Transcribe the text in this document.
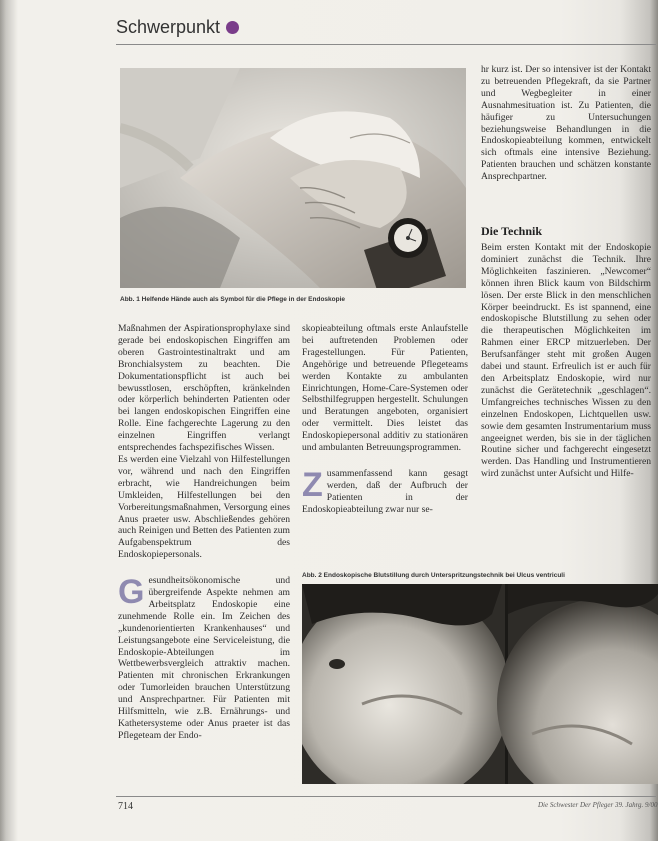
Schwerpunkt
Abb. 1 Helfende Hände auch als Symbol für die Pflege in der Endoskopie

Maßnahmen der Aspirationsprophylaxe sind gerade bei endoskopischen Eingriffen am oberen Gastrointestinaltrakt und am Bronchialsystem zu beachten. Die Dokumentationspflicht ist auch bei bewusstlosen, erschöpften, kränkelnden oder körperlich behinderten Patienten oder bei langen endoskopischen Eingriffen eine Rolle. Eine fachgerechte Lagerung zu den einzelnen Eingriffen verlangt entsprechendes fachspezifisches Wissen.

Es werden eine Vielzahl von Hilfestellungen vor, während und nach den Eingriffen erbracht, wie Handreichungen beim Umkleiden, Hilfestellungen bei den Vorbereitungsmaßnahmen, Versorgung eines Anus praeter usw. Abschließendes gehören auch Reinigen und Betten des Patienten zum Aufgabenspektrum des Endoskopiepersonals.

G esundheitsökonomische und übergreifende Aspekte nehmen am Arbeitsplatz Endoskopie eine zunehmende Rolle ein. Im Zeichen des „kundenorientierten Krankenhauses“ und Leistungsangebote eine Serviceleistung, die Endoskopie-Abteilungen im Wettbewerbsvergleich attraktiv machen. Patienten mit chronischen Erkrankungen oder Tumorleiden brauchen Unterstützung und Ansprechpartner. Für Patienten mit Hilfsmitteln, wie z.B. Ernährungs- und Kathetersysteme oder Anus praeter ist das Pflegeteam der Endo-

skopieabteilung oftmals erste Anlaufstelle bei auftretenden Problemen oder Fragestellungen. Für Patienten, Angehörige und betreuende Pflegeteams werden Kontakte zu ambulanten Einrichtungen, Home-Care-Systemen oder Selbsthilfegruppen hergestellt. Schulungen und Beratungen angeboten, organisiert oder vermittelt. Dies leistet das Endoskopiepersonal additiv zu stationären und ambulanten Betreuungsprogrammen.

Z usammenfassend kann gesagt werden, daß der Aufbruch der Patienten in der Endoskopieabteilung zwar nur se-

hr kurz ist. Der so intensiver ist der Kontakt zu betreuenden Pflegekraft, da sie Partner und Wegbegleiter in einer Ausnahmesituation ist. Zu Patienten, die häufiger zu Untersuchungen beziehungsweise Behandlungen in die Endoskopieabteilung kommen, entwickelt sich oftmals eine intensive Beziehung. Patienten brauchen und schätzen konstante Ansprechpartner.

Die Technik

Beim ersten Kontakt mit der Endoskopie dominiert zunächst die Technik. Ihre Möglichkeiten faszinieren. „Newcomer“ können ihren Blick kaum von Bildschirm lösen. Der erste Blick in den menschlichen Körper beeindruckt. Es ist spannend, eine endoskopische Blutstillung zu sehen oder die therapeutischen Möglichkeiten im Rahmen einer ERCP mitzuerleben. Der Berufsanfänger steht mit großen Augen dabei und staunt. Erfreulich ist er auch für den Arbeitsplatz Endoskopie, wird nur zunächst die Gerätetechnik „geschlagen“. Umfangreiches technisches Wissen zu den einzelnen Endoskopen, Lichtquellen usw. sowie dem gesamten Instrumentarium muss angeeignet werden, bis sie in der täglichen Routine sicher und fachgerecht eingesetzt werden. Das Handling und Instrumentieren wird zunächst unter Aufsicht und Hilfe-

Abb. 2 Endoskopische Blutstillung durch Unterspritzungstechnik bei Ulcus ventriculi
714	Die Schwester Der Pfleger 39. Jahrg. 9/00
